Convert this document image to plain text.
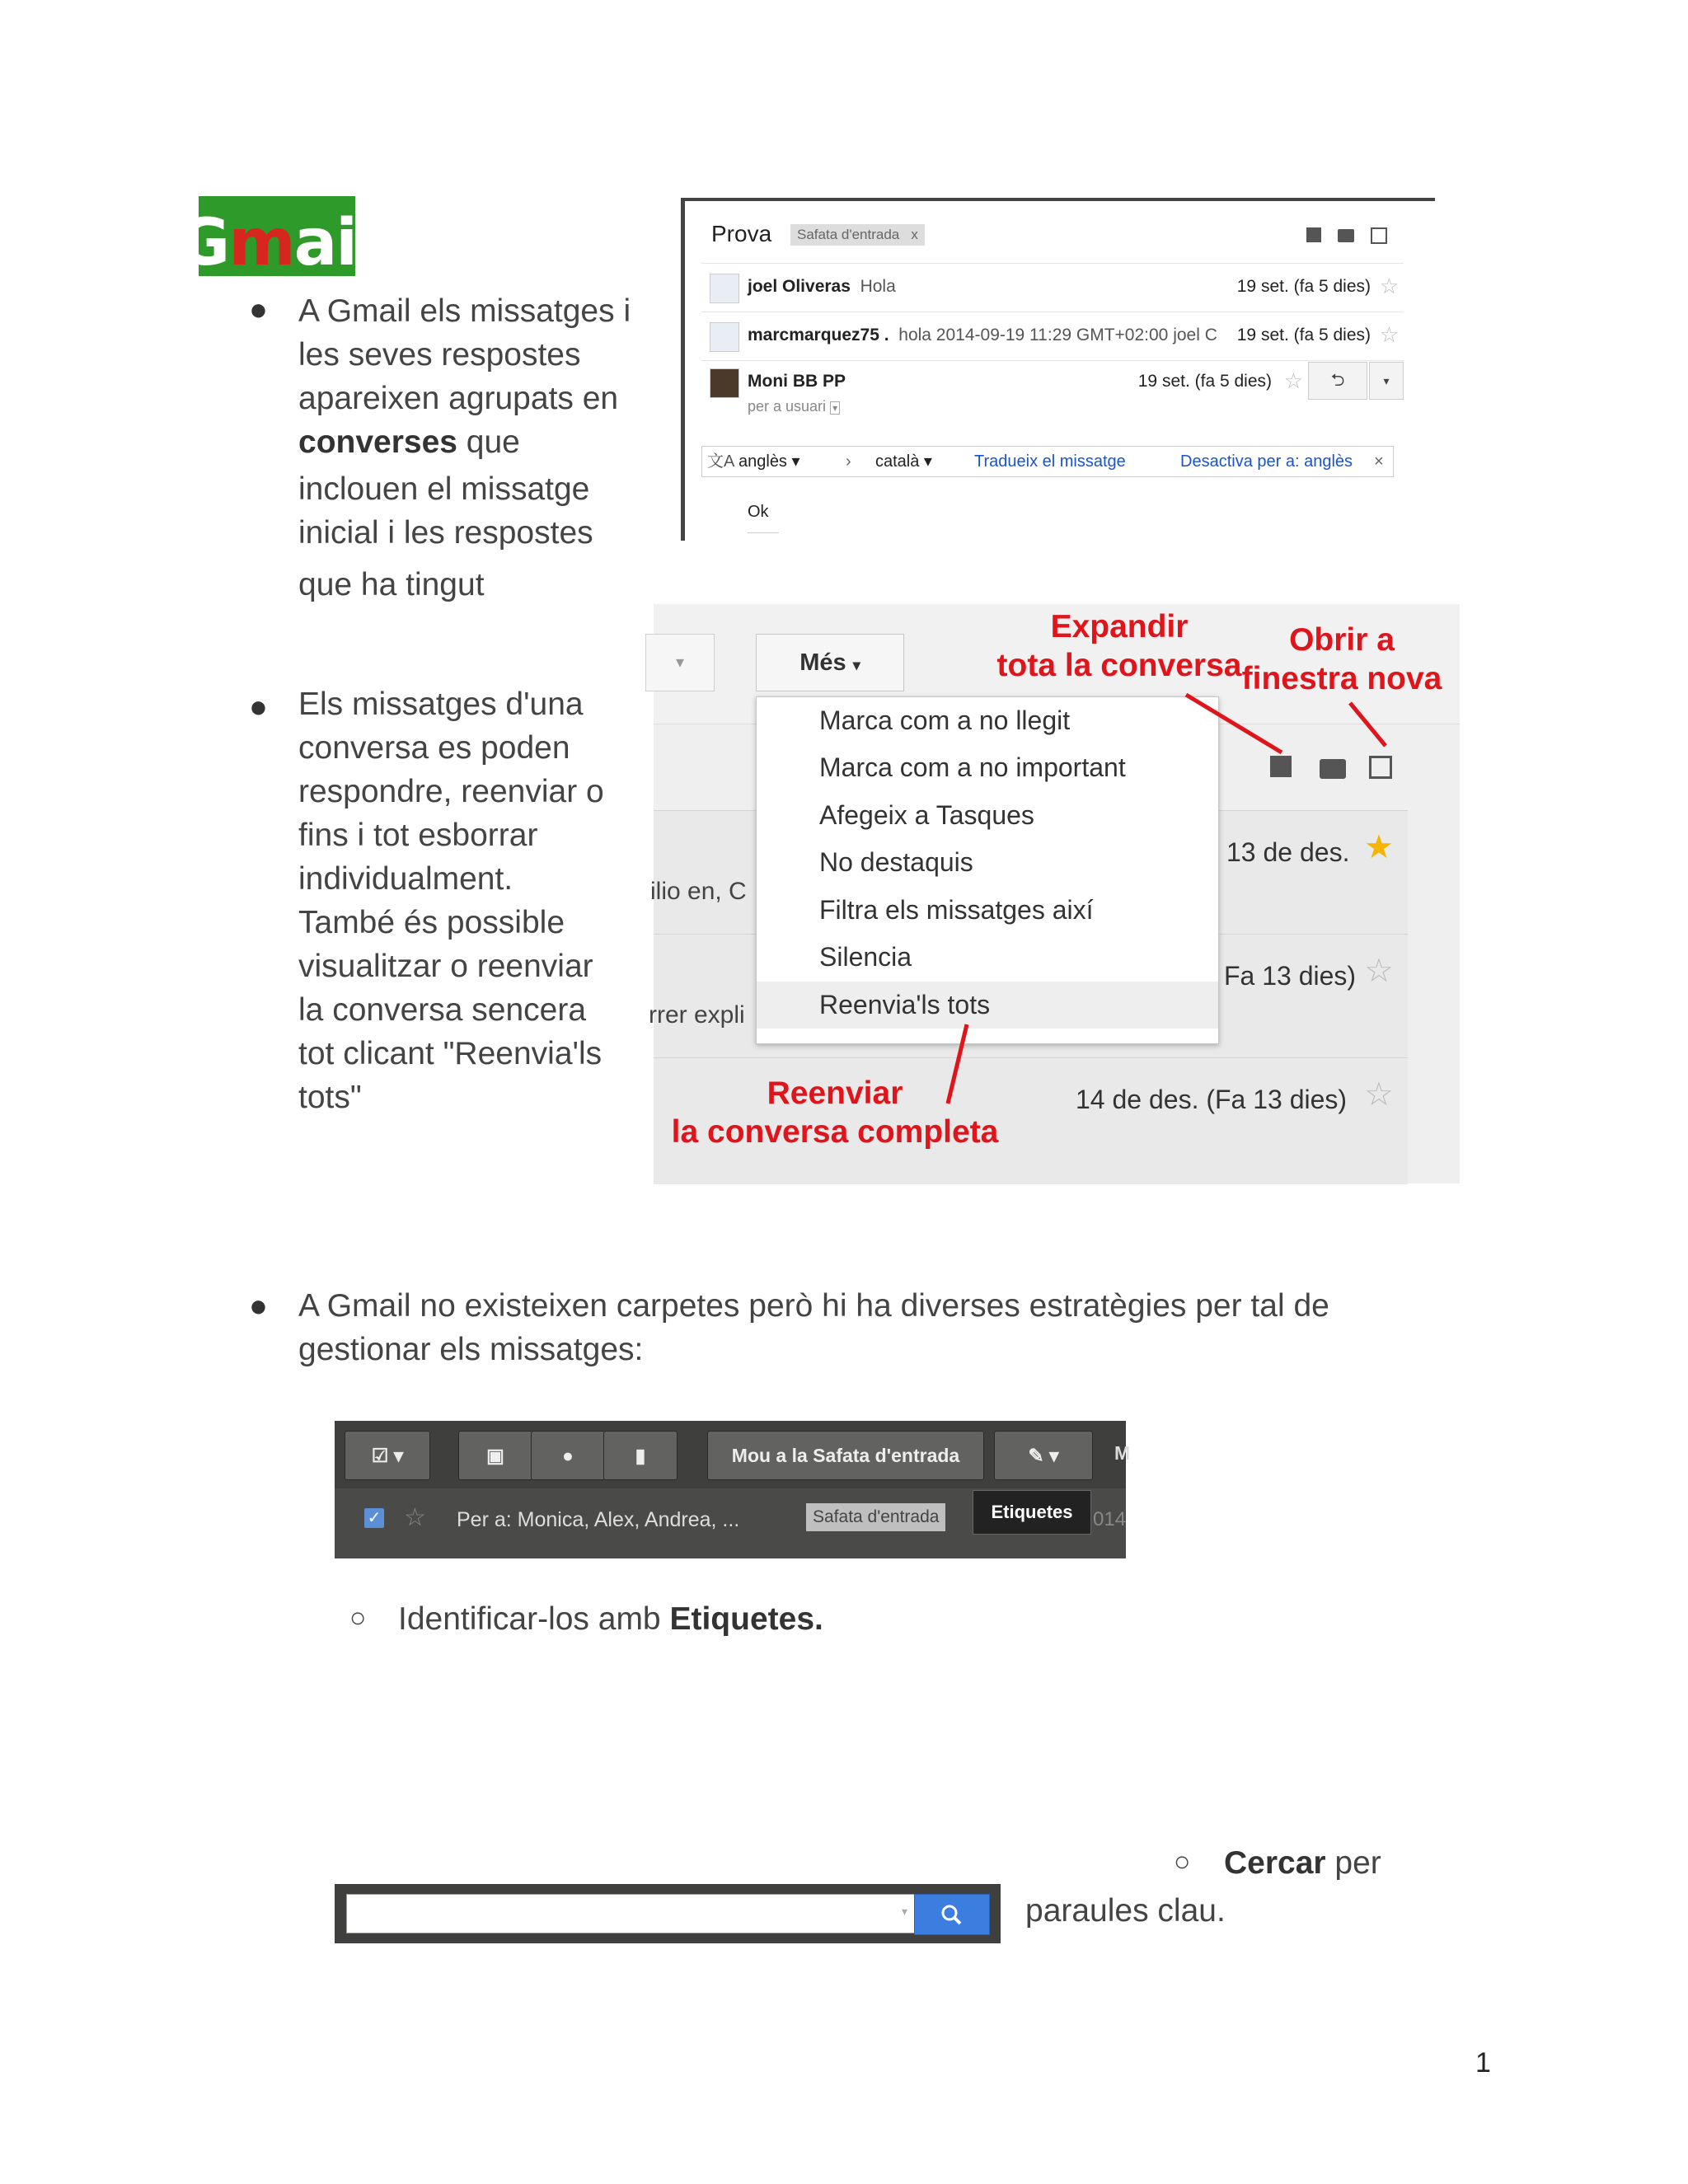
G m ail
● A Gmail els missatges i
les seves respostes
apareixen agrupats en
converses que
inclouen el missatge
inicial i les respostes
que ha tingut
Prova	Safata d'entrada x
joel Oliveras Hola	19 set. (fa 5 dies) ☆
marcmarquez75 . hola 2014-09-19 11:29 GMT+02:00 joel C	19 set. (fa 5 dies) ☆
Moni BB PP
per a usuari ▾
19 set. (fa 5 dies) ☆	⮌	▾
文A anglès ▾	› català ▾	Tradueix el missatge	Desactiva per a: anglès ×
Ok
● Els missatges d'una
conversa es poden
respondre, reenviar o
fins i tot esborrar
individualment.
També és possible
visualitzar o reenviar
la conversa sencera
tot clicant "Reenvia'ls
tots"
▾	Més ▾
ilio en, C
rrer expli
13 de des. ★
Fa 13 dies) ☆
14 de des. (Fa 13 dies) ☆
Marca com a no llegit
Marca com a no important
Afegeix a Tasques
No destaquis
Filtra els missatges així
Silencia
Reenvia'ls tots
Expandir
tota la conversa
Obrir a
finestra nova
Reenviar
la conversa completa
● A Gmail no existeixen carpetes però hi ha diverses estratègies per tal de
gestionar els missatges:
☑ ▾	▣	●	▮	Mou a la Safata d'entrada	✎ ▾	M
✓ ☆ Per a: Monica, Alex, Andrea, ...	Safata d'entrada	014
Etiquetes
○ Identificar-los amb Etiquetes.
▾
○ Cercar per
paraules clau.
1
